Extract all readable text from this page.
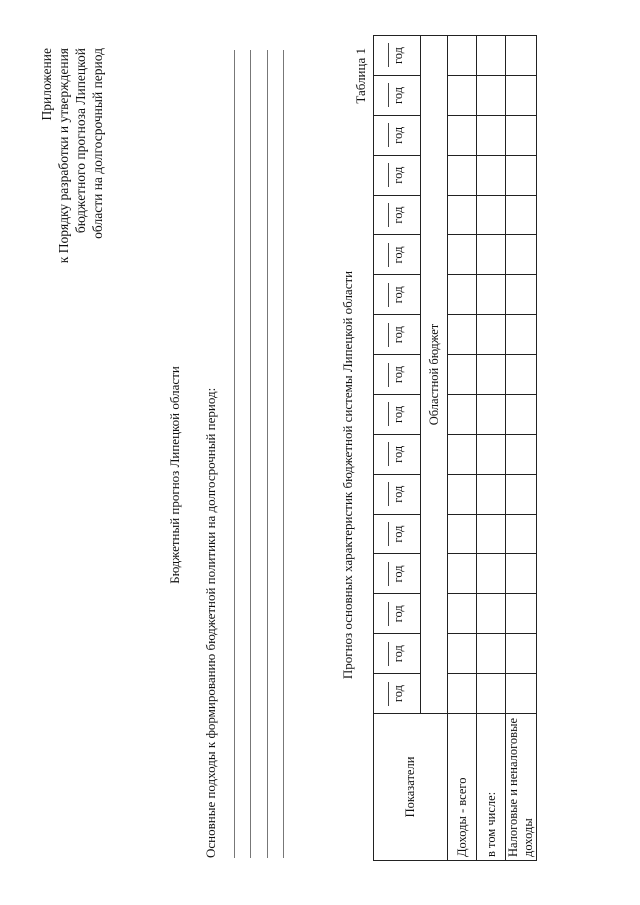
Приложение к Порядку разработки и утверждения бюджетного прогноза Липецкой области на долгосрочный период
Бюджетный прогноз Липецкой области Основные подходы к формированию бюджетной политики на долгосрочный период:	Прогноз основных характеристик бюджетной системы Липецкой области
Таблица 1
Показатели	год	год	год	год	год	год	год	год	год	год	год	год	год	год	год	год	год
	Областной бюджет																
Доходы - всего																	
в том числе:																	
Налоговые и неналоговые доходы																	
